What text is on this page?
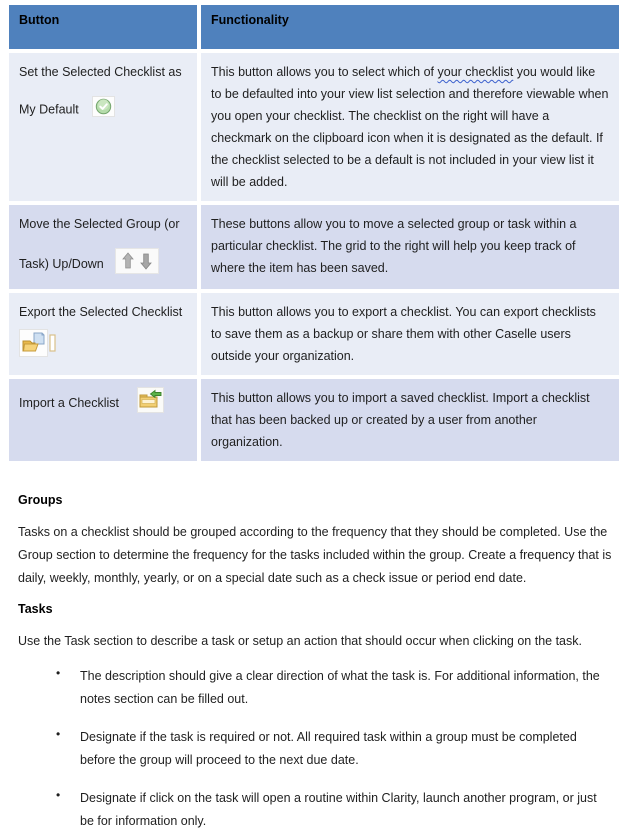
Button	Functionality

Set the Selected Checklist as
My Default
	This button allows you to select which of your checklist you would like to be defaulted into your view list selection and therefore viewable when you open your checklist. The checklist on the right will have a checkmark on the clipboard icon when it is designated as the default. If the checklist selected to be a default is not included in your view list it will be added.

Move the Selected Group (or
Task) Up/Down
	These buttons allow you to move a selected group or task within a particular checklist. The grid to the right will help you keep track of where the item has been saved.

Export the Selected Checklist	This button allows you to export a checklist. You can export checklists to save them as a backup or share them with other Caselle users outside your organization.
Import a Checklist	This button allows you to import a saved checklist. Import a checklist that has been backed up or created by a user from another organization.
Groups
Tasks on a checklist should be grouped according to the frequency that they should be completed. Use the Group section to determine the frequency for the tasks included within the group. Create a frequency that is daily, weekly, monthly, yearly, or on a special date such as a check issue or period end date.
Tasks
Use the Task section to describe a task or setup an action that should occur when clicking on the task.
•
The description should give a clear direction of what the task is. For additional information, the notes section can be filled out.
•
Designate if the task is required or not. All required task within a group must be completed before the group will proceed to the next due date.
•
Designate if click on the task will open a routine within Clarity, launch another program, or just be for information only.
